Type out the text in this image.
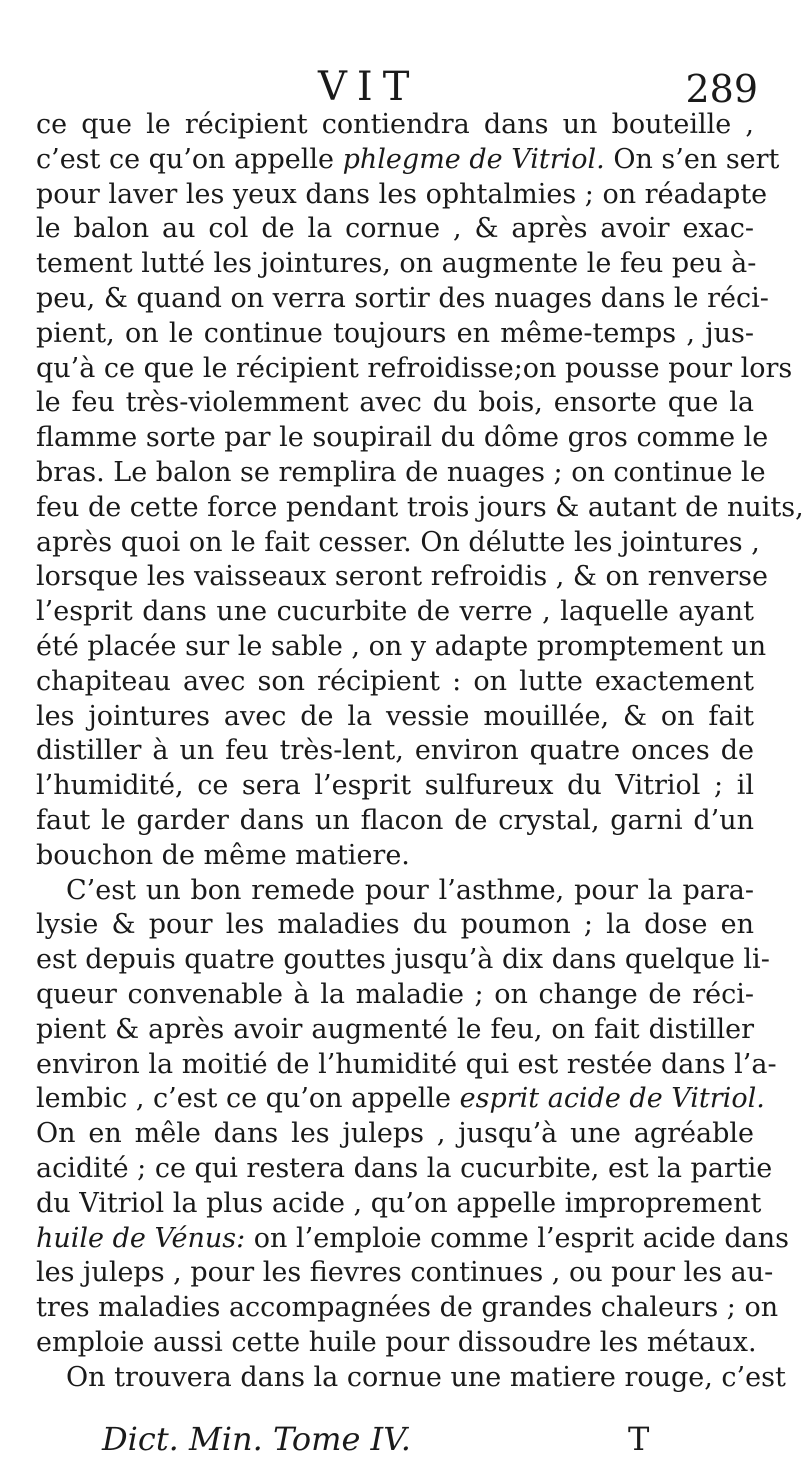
VIT	289
ce que le récipient contiendra dans un bouteille ,
c’est ce qu’on appelle phlegme de Vitriol. On s’en sert
pour laver les yeux dans les ophtalmies ; on réadapte
le balon au col de la cornue , & après avoir exac-
tement lutté les jointures, on augmente le feu peu à-
peu, & quand on verra sortir des nuages dans le réci-
pient, on le continue toujours en même-temps , jus-
qu’à ce que le récipient refroidisse;on pousse pour lors
le feu très-violemment avec du bois, ensorte que la
flamme sorte par le soupirail du dôme gros comme le
bras. Le balon se remplira de nuages ; on continue le
feu de cette force pendant trois jours & autant de nuits,
après quoi on le fait cesser. On délutte les jointures ,
lorsque les vaisseaux seront refroidis , & on renverse
l’esprit dans une cucurbite de verre , laquelle ayant
été placée sur le sable , on y adapte promptement un
chapiteau avec son récipient : on lutte exactement
les jointures avec de la vessie mouillée, & on fait
distiller à un feu très-lent, environ quatre onces de
l’humidité, ce sera l’esprit sulfureux du Vitriol ; il
faut le garder dans un flacon de crystal, garni d’un
bouchon de même matiere.
C’est un bon remede pour l’asthme, pour la para-
lysie & pour les maladies du poumon ; la dose en
est depuis quatre gouttes jusqu’à dix dans quelque li-
queur convenable à la maladie ; on change de réci-
pient & après avoir augmenté le feu, on fait distiller
environ la moitié de l’humidité qui est restée dans l’a-
lembic , c’est ce qu’on appelle esprit acide de Vitriol.
On en mêle dans les juleps , jusqu’à une agréable
acidité ; ce qui restera dans la cucurbite, est la partie
du Vitriol la plus acide , qu’on appelle improprement
huile de Vénus: on l’emploie comme l’esprit acide dans
les juleps , pour les fievres continues , ou pour les au-
tres maladies accompagnées de grandes chaleurs ; on
emploie aussi cette huile pour dissoudre les métaux.
On trouvera dans la cornue une matiere rouge, c’est
Dict. Min. Tome IV.	T
